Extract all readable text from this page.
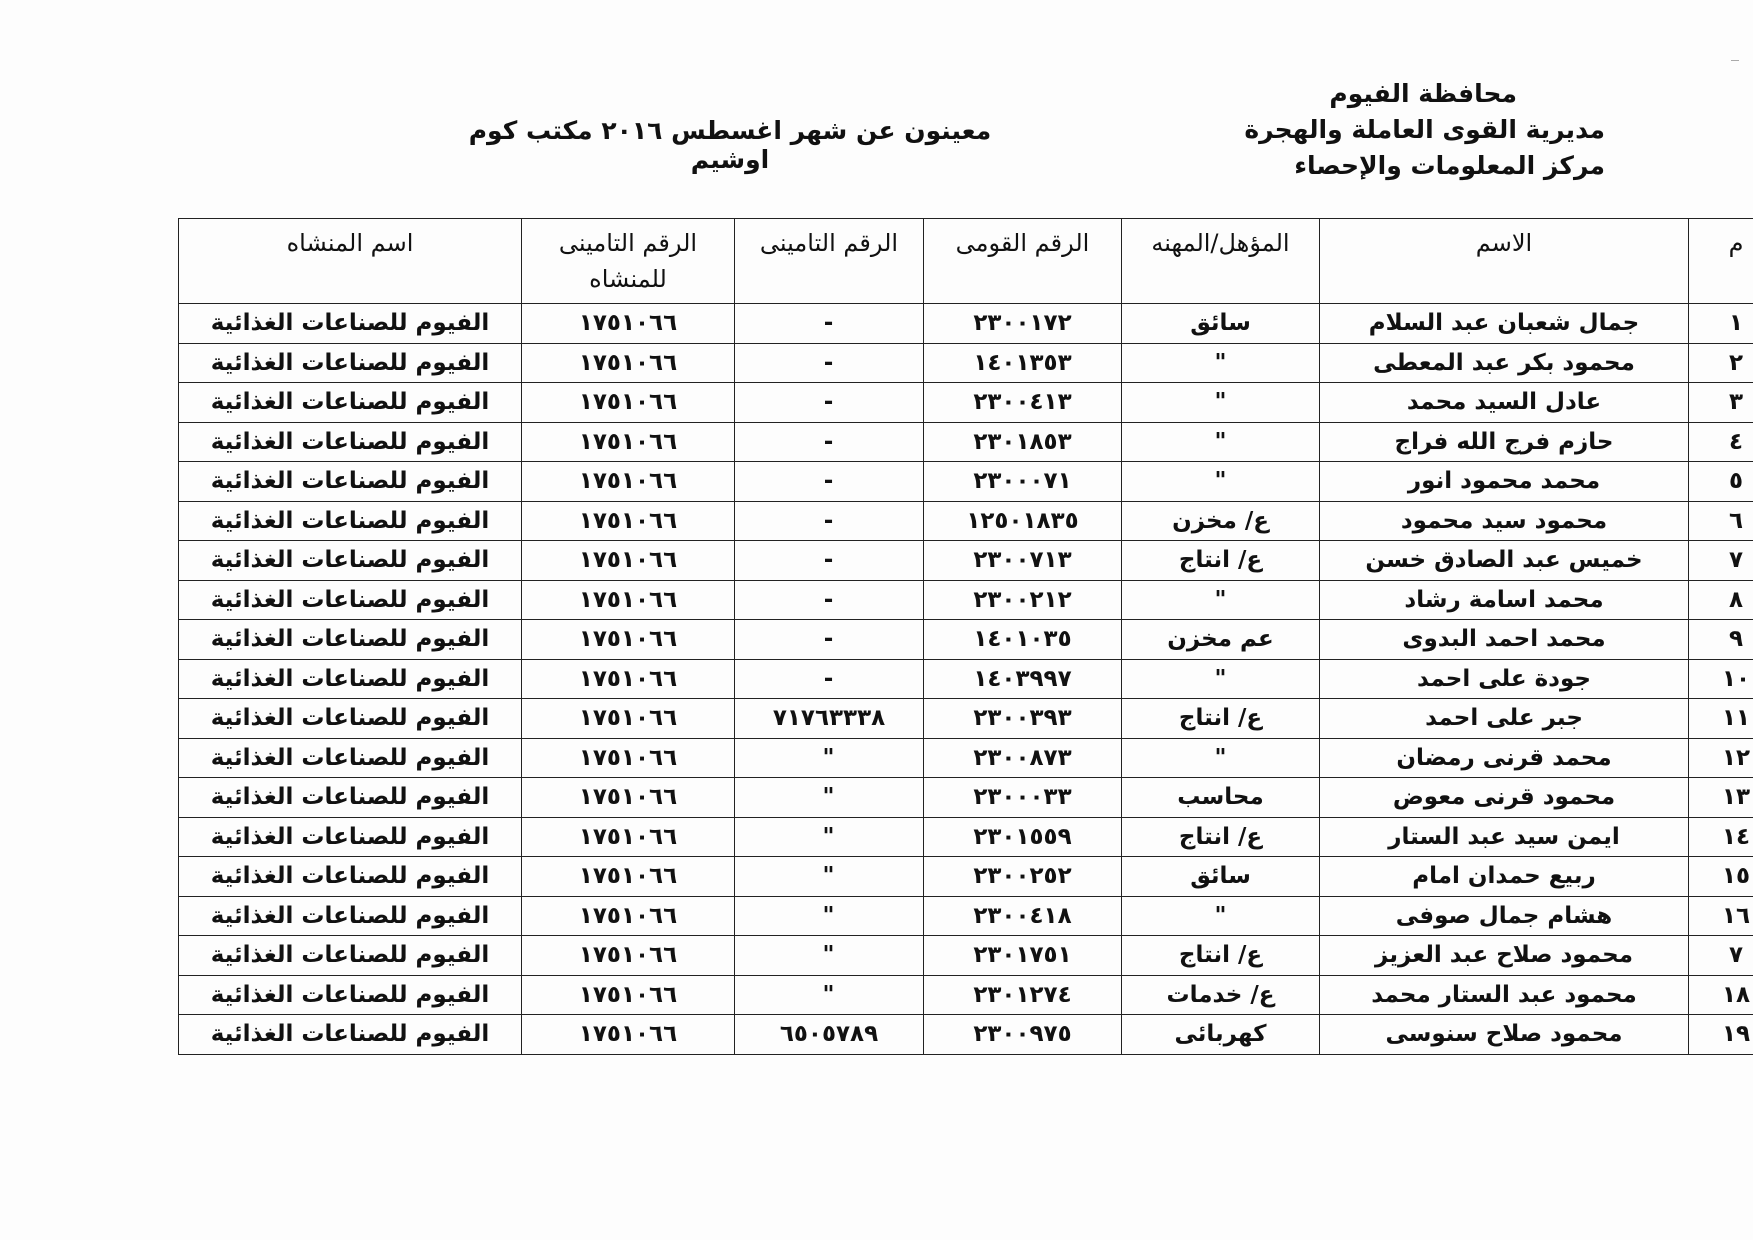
محافظة الفيوم
مديرية القوى العاملة والهجرة
مركز المعلومات والإحصاء
معينون عن شهر اغسطس ٢٠١٦ مكتب كوم اوشيم
م	الاسم	المؤهل/المهنه	الرقم القومى	الرقم التامينى	الرقم التامينى للمنشاه	اسم المنشاه
١	جمال شعبان عبد السلام	سائق	٢٣٠٠١٧٢	-	١٧٥١٠٦٦	الفيوم للصناعات الغذائية
٢	محمود بكر عبد المعطى	"	١٤٠١٣٥٣	-	١٧٥١٠٦٦	الفيوم للصناعات الغذائية
٣	عادل السيد محمد	"	٢٣٠٠٤١٣	-	١٧٥١٠٦٦	الفيوم للصناعات الغذائية
٤	حازم فرج الله فراج	"	٢٣٠١٨٥٣	-	١٧٥١٠٦٦	الفيوم للصناعات الغذائية
٥	محمد محمود انور	"	٢٣٠٠٠٧١	-	١٧٥١٠٦٦	الفيوم للصناعات الغذائية
٦	محمود سيد محمود	ع/ مخزن	١٢٥٠١٨٣٥	-	١٧٥١٠٦٦	الفيوم للصناعات الغذائية
٧	خميس عبد الصادق خسن	ع/ انتاج	٢٣٠٠٧١٣	-	١٧٥١٠٦٦	الفيوم للصناعات الغذائية
٨	محمد اسامة رشاد	"	٢٣٠٠٢١٢	-	١٧٥١٠٦٦	الفيوم للصناعات الغذائية
٩	محمد احمد البدوى	عم مخزن	١٤٠١٠٣٥	-	١٧٥١٠٦٦	الفيوم للصناعات الغذائية
١٠	جودة على احمد	"	١٤٠٣٩٩٧	-	١٧٥١٠٦٦	الفيوم للصناعات الغذائية
١١	جبر على احمد	ع/ انتاج	٢٣٠٠٣٩٣	٧١٧٦٣٣٣٨	١٧٥١٠٦٦	الفيوم للصناعات الغذائية
١٢	محمد قرنى رمضان	"	٢٣٠٠٨٧٣	"	١٧٥١٠٦٦	الفيوم للصناعات الغذائية
١٣	محمود قرنى معوض	محاسب	٢٣٠٠٠٣٣	"	١٧٥١٠٦٦	الفيوم للصناعات الغذائية
١٤	ايمن سيد عبد الستار	ع/ انتاج	٢٣٠١٥٥٩	"	١٧٥١٠٦٦	الفيوم للصناعات الغذائية
١٥	ربيع حمدان امام	سائق	٢٣٠٠٢٥٢	"	١٧٥١٠٦٦	الفيوم للصناعات الغذائية
١٦	هشام جمال صوفى	"	٢٣٠٠٤١٨	"	١٧٥١٠٦٦	الفيوم للصناعات الغذائية
٧	محمود صلاح عبد العزيز	ع/ انتاج	٢٣٠١٧٥١	"	١٧٥١٠٦٦	الفيوم للصناعات الغذائية
١٨	محمود عبد الستار محمد	ع/ خدمات	٢٣٠١٢٧٤	"	١٧٥١٠٦٦	الفيوم للصناعات الغذائية
١٩	محمود صلاح سنوسى	كهربائى	٢٣٠٠٩٧٥	٦٥٠٥٧٨٩	١٧٥١٠٦٦	الفيوم للصناعات الغذائية
